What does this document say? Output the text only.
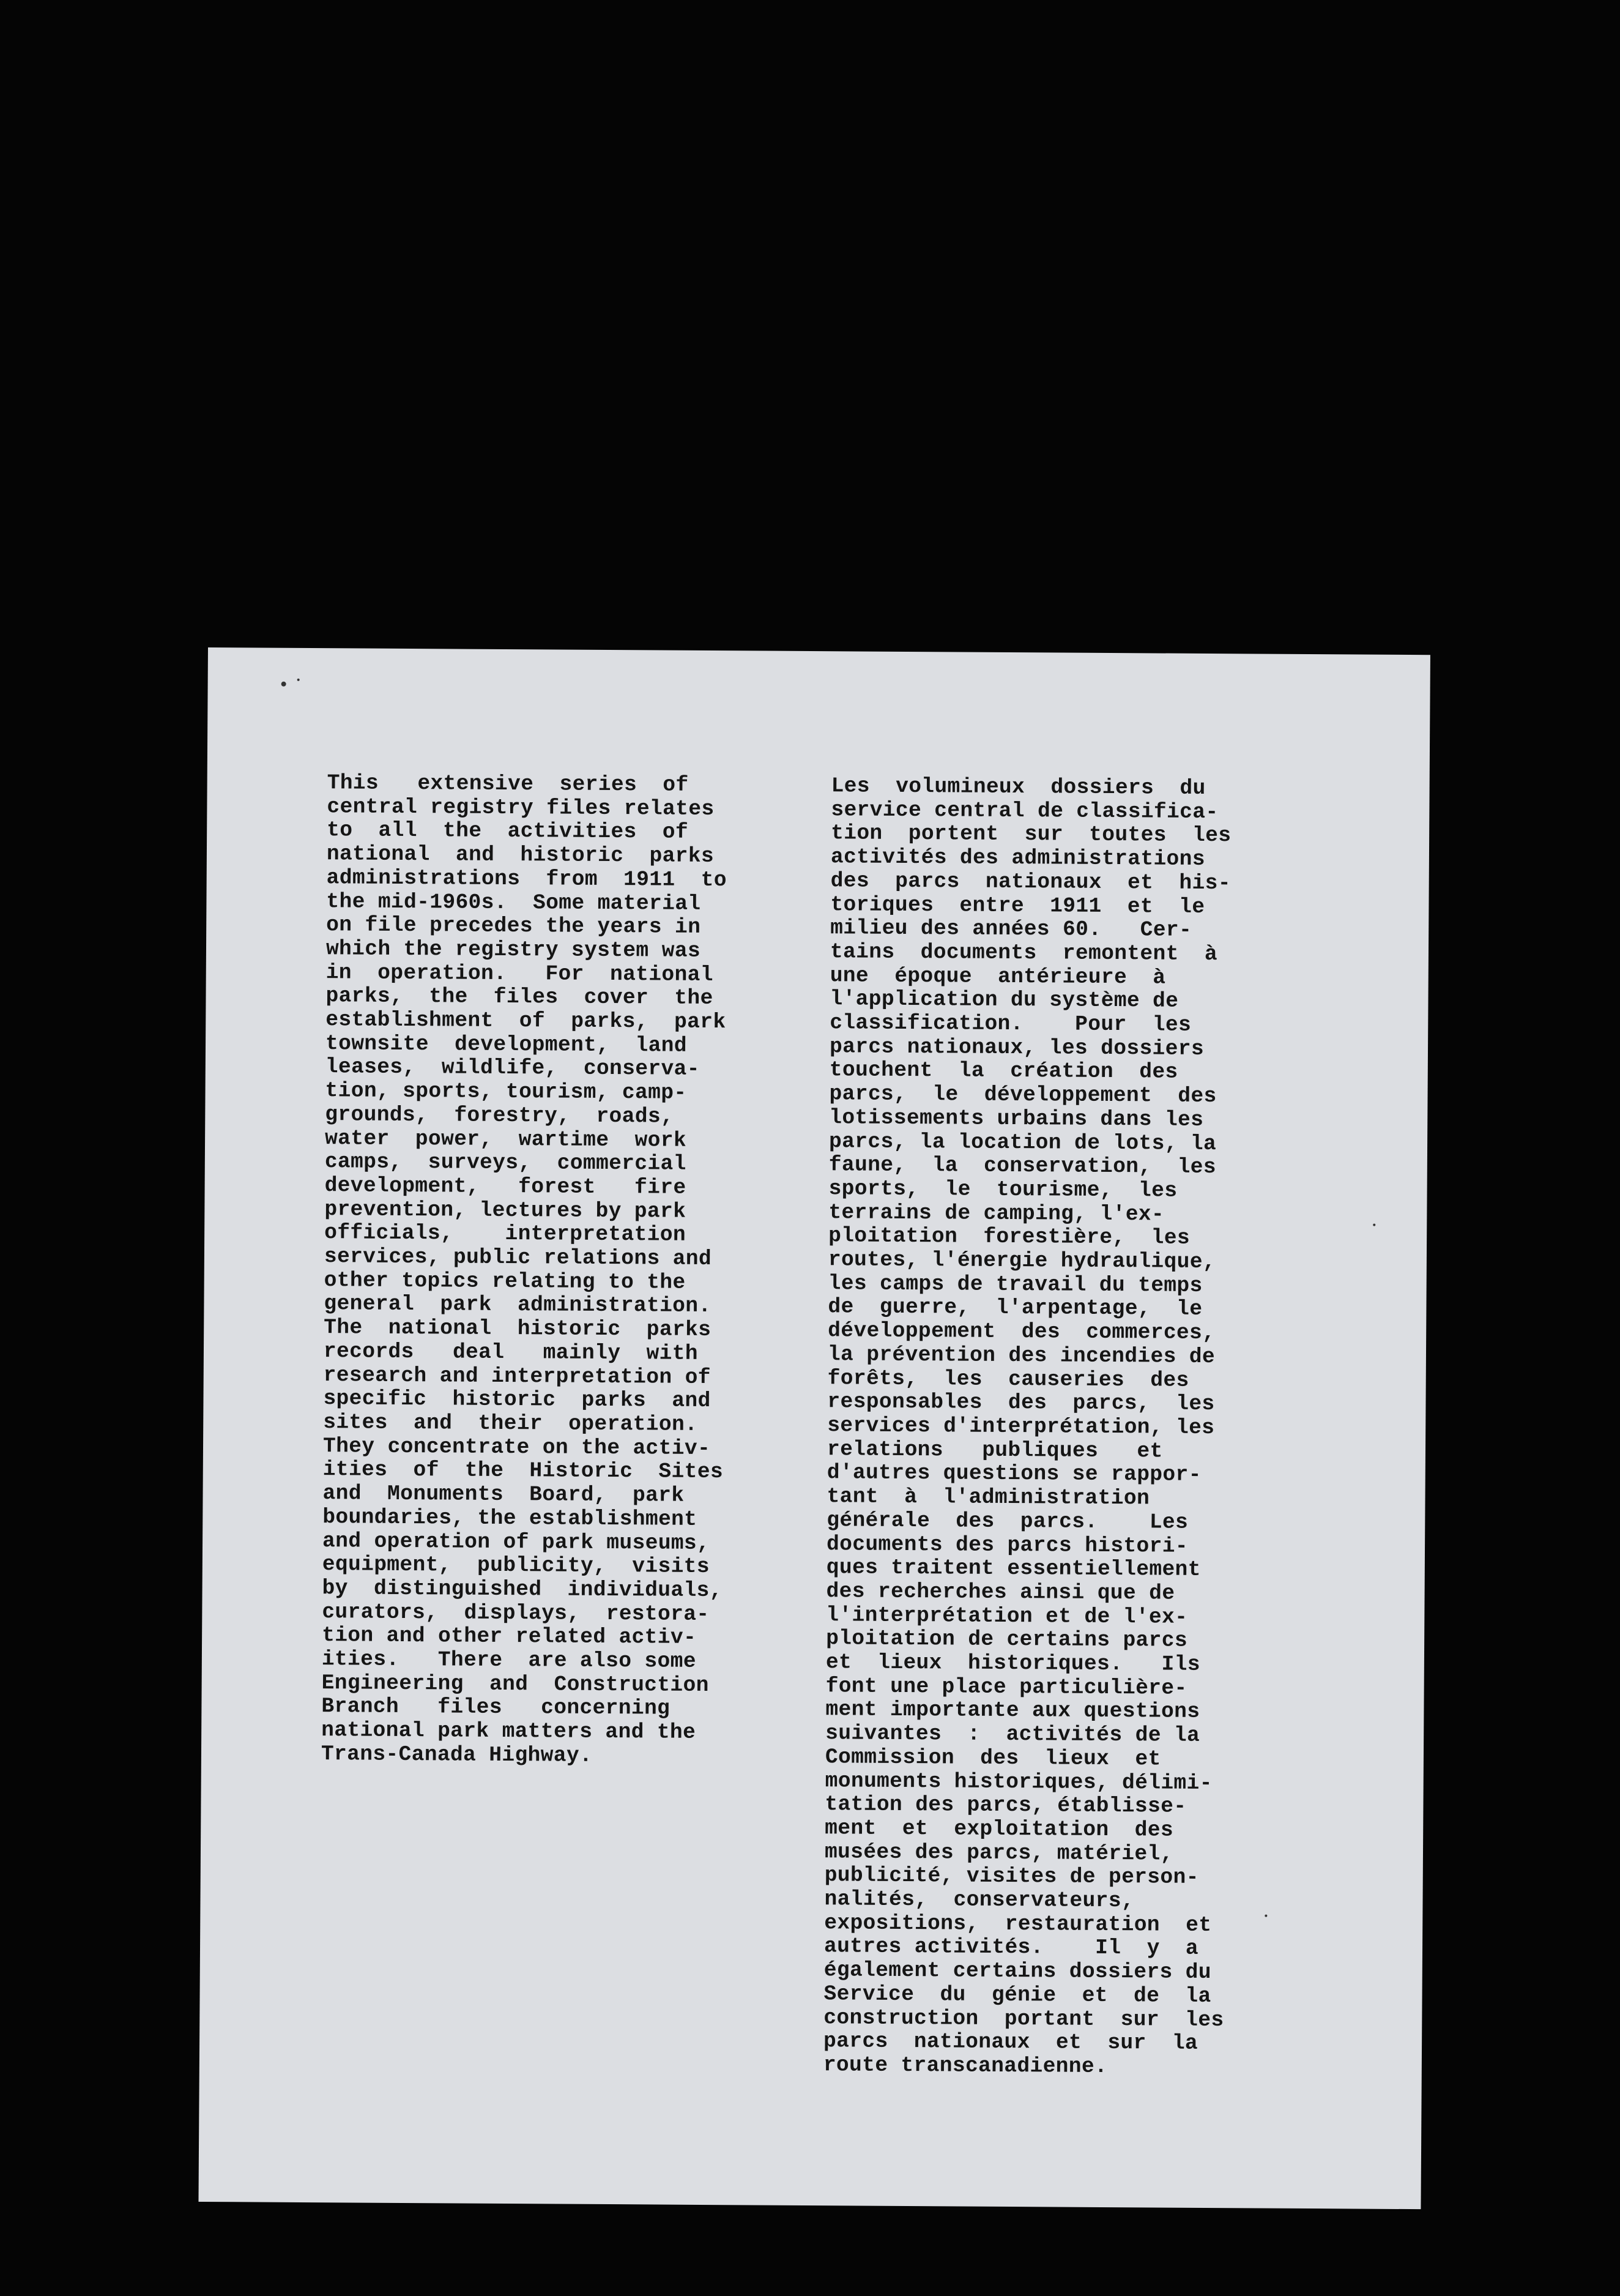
This   extensive  series  of
central registry files relates
to  all  the  activities  of
national  and  historic  parks
administrations  from  1911  to
the mid-1960s.  Some material
on file precedes the years in
which the registry system was
in  operation.   For  national
parks,  the  files  cover  the
establishment  of  parks,  park
townsite  development,  land
leases,  wildlife,  conserva-
tion, sports, tourism, camp-
grounds,  forestry,  roads,
water  power,  wartime  work
camps,  surveys,  commercial
development,   forest   fire
prevention, lectures by park
officials,    interpretation
services, public relations and
other topics relating to the
general  park  administration.
The  national  historic  parks
records   deal   mainly  with
research and interpretation of
specific  historic  parks  and
sites  and  their  operation.
They concentrate on the activ-
ities  of  the  Historic  Sites
and  Monuments  Board,  park
boundaries, the establishment
and operation of park museums,
equipment,  publicity,  visits
by  distinguished  individuals,
curators,  displays,  restora-
tion and other related activ-
ities.   There  are also some
Engineering  and  Construction
Branch   files   concerning
national park matters and the
Trans-Canada Highway.
Les  volumineux  dossiers  du
service central de classifica-
tion  portent  sur  toutes  les
activités des administrations
des  parcs  nationaux  et  his-
toriques  entre  1911  et  le
milieu des années 60.   Cer-
tains  documents  remontent  à
une  époque  antérieure  à
l'application du système de
classification.    Pour  les
parcs nationaux, les dossiers
touchent  la  création  des
parcs,  le  développement  des
lotissements urbains dans les
parcs, la location de lots, la
faune,  la  conservation,  les
sports,  le  tourisme,  les
terrains de camping, l'ex-
ploitation  forestière,  les
routes, l'énergie hydraulique,
les camps de travail du temps
de  guerre,  l'arpentage,  le
développement  des  commerces,
la prévention des incendies de
forêts,  les  causeries  des
responsables  des  parcs,  les
services d'interprétation, les
relations   publiques   et
d'autres questions se rappor-
tant  à  l'administration
générale  des  parcs.    Les
documents des parcs histori-
ques traitent essentiellement
des recherches ainsi que de
l'interprétation et de l'ex-
ploitation de certains parcs
et  lieux  historiques.   Ils
font une place particulière-
ment importante aux questions
suivantes  :  activités de la
Commission  des  lieux  et
monuments historiques, délimi-
tation des parcs, établisse-
ment  et  exploitation  des
musées des parcs, matériel,
publicité, visites de person-
nalités,  conservateurs,
expositions,  restauration  et
autres activités.    Il  y  a
également certains dossiers du
Service  du  génie  et  de  la
construction  portant  sur  les
parcs  nationaux  et  sur  la
route transcanadienne.
